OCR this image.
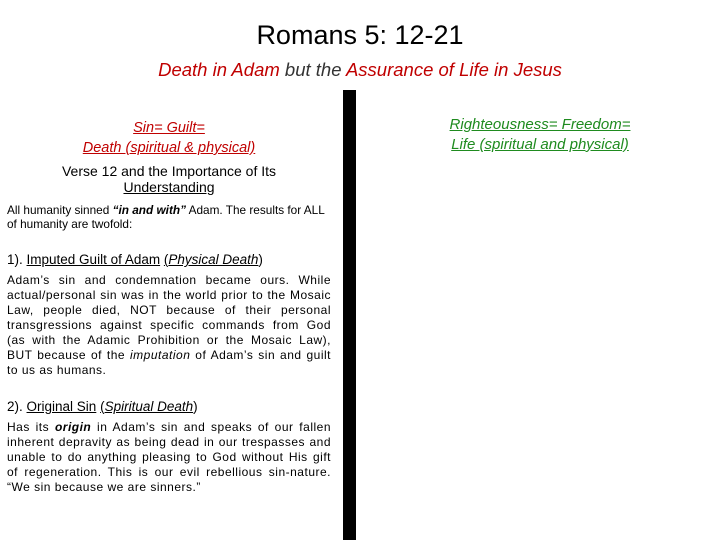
Romans 5: 12-21
Death in Adam but the Assurance of Life in Jesus
Sin= Guilt=
Death (spiritual & physical)
Verse 12 and the Importance of Its
Understanding
All humanity sinned “in and with” Adam. The results for ALL of humanity are twofold:
1). Imputed Guilt of Adam (Physical Death)
Adam’s sin and condemnation became ours. While actual/personal sin was in the world prior to the Mosaic Law, people died, NOT because of their personal transgressions against specific commands from God (as with the Adamic Prohibition or the Mosaic Law), BUT because of the imputation of Adam’s sin and guilt to us as humans.
2). Original Sin (Spiritual Death)
Has its origin in Adam’s sin and speaks of our fallen inherent depravity as being dead in our trespasses and unable to do anything pleasing to God without His gift of regeneration. This is our evil rebellious sin-nature. “We sin because we are sinners.”
Righteousness= Freedom=
Life (spiritual and physical)
